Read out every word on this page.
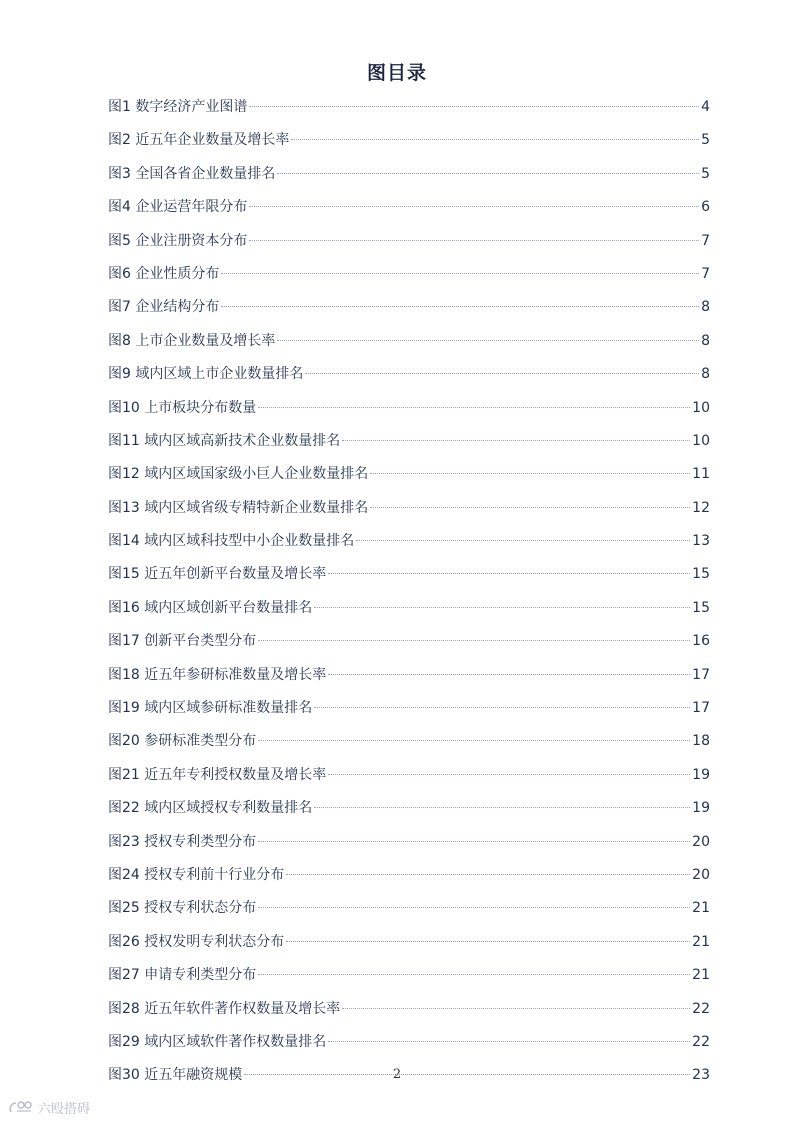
图目录
图1 数字经济产业图谱	4
图2 近五年企业数量及增长率	5
图3 全国各省企业数量排名	5
图4 企业运营年限分布	6
图5 企业注册资本分布	7
图6 企业性质分布	7
图7 企业结构分布	8
图8 上市企业数量及增长率	8
图9 域内区域上市企业数量排名	8
图10 上市板块分布数量	10
图11 域内区域高新技术企业数量排名	10
图12 域内区域国家级小巨人企业数量排名	11
图13 域内区域省级专精特新企业数量排名	12
图14 域内区域科技型中小企业数量排名	13
图15 近五年创新平台数量及增长率	15
图16 域内区域创新平台数量排名	15
图17 创新平台类型分布	16
图18 近五年参研标准数量及增长率	17
图19 域内区域参研标准数量排名	17
图20 参研标准类型分布	18
图21 近五年专利授权数量及增长率	19
图22 域内区域授权专利数量排名	19
图23 授权专利类型分布	20
图24 授权专利前十行业分布	20
图25 授权专利状态分布	21
图26 授权发明专利状态分布	21
图27 申请专利类型分布	21
图28 近五年软件著作权数量及增长率	22
图29 域内区域软件著作权数量排名	22
图30 近五年融资规模	23
2
六殴搭碍
